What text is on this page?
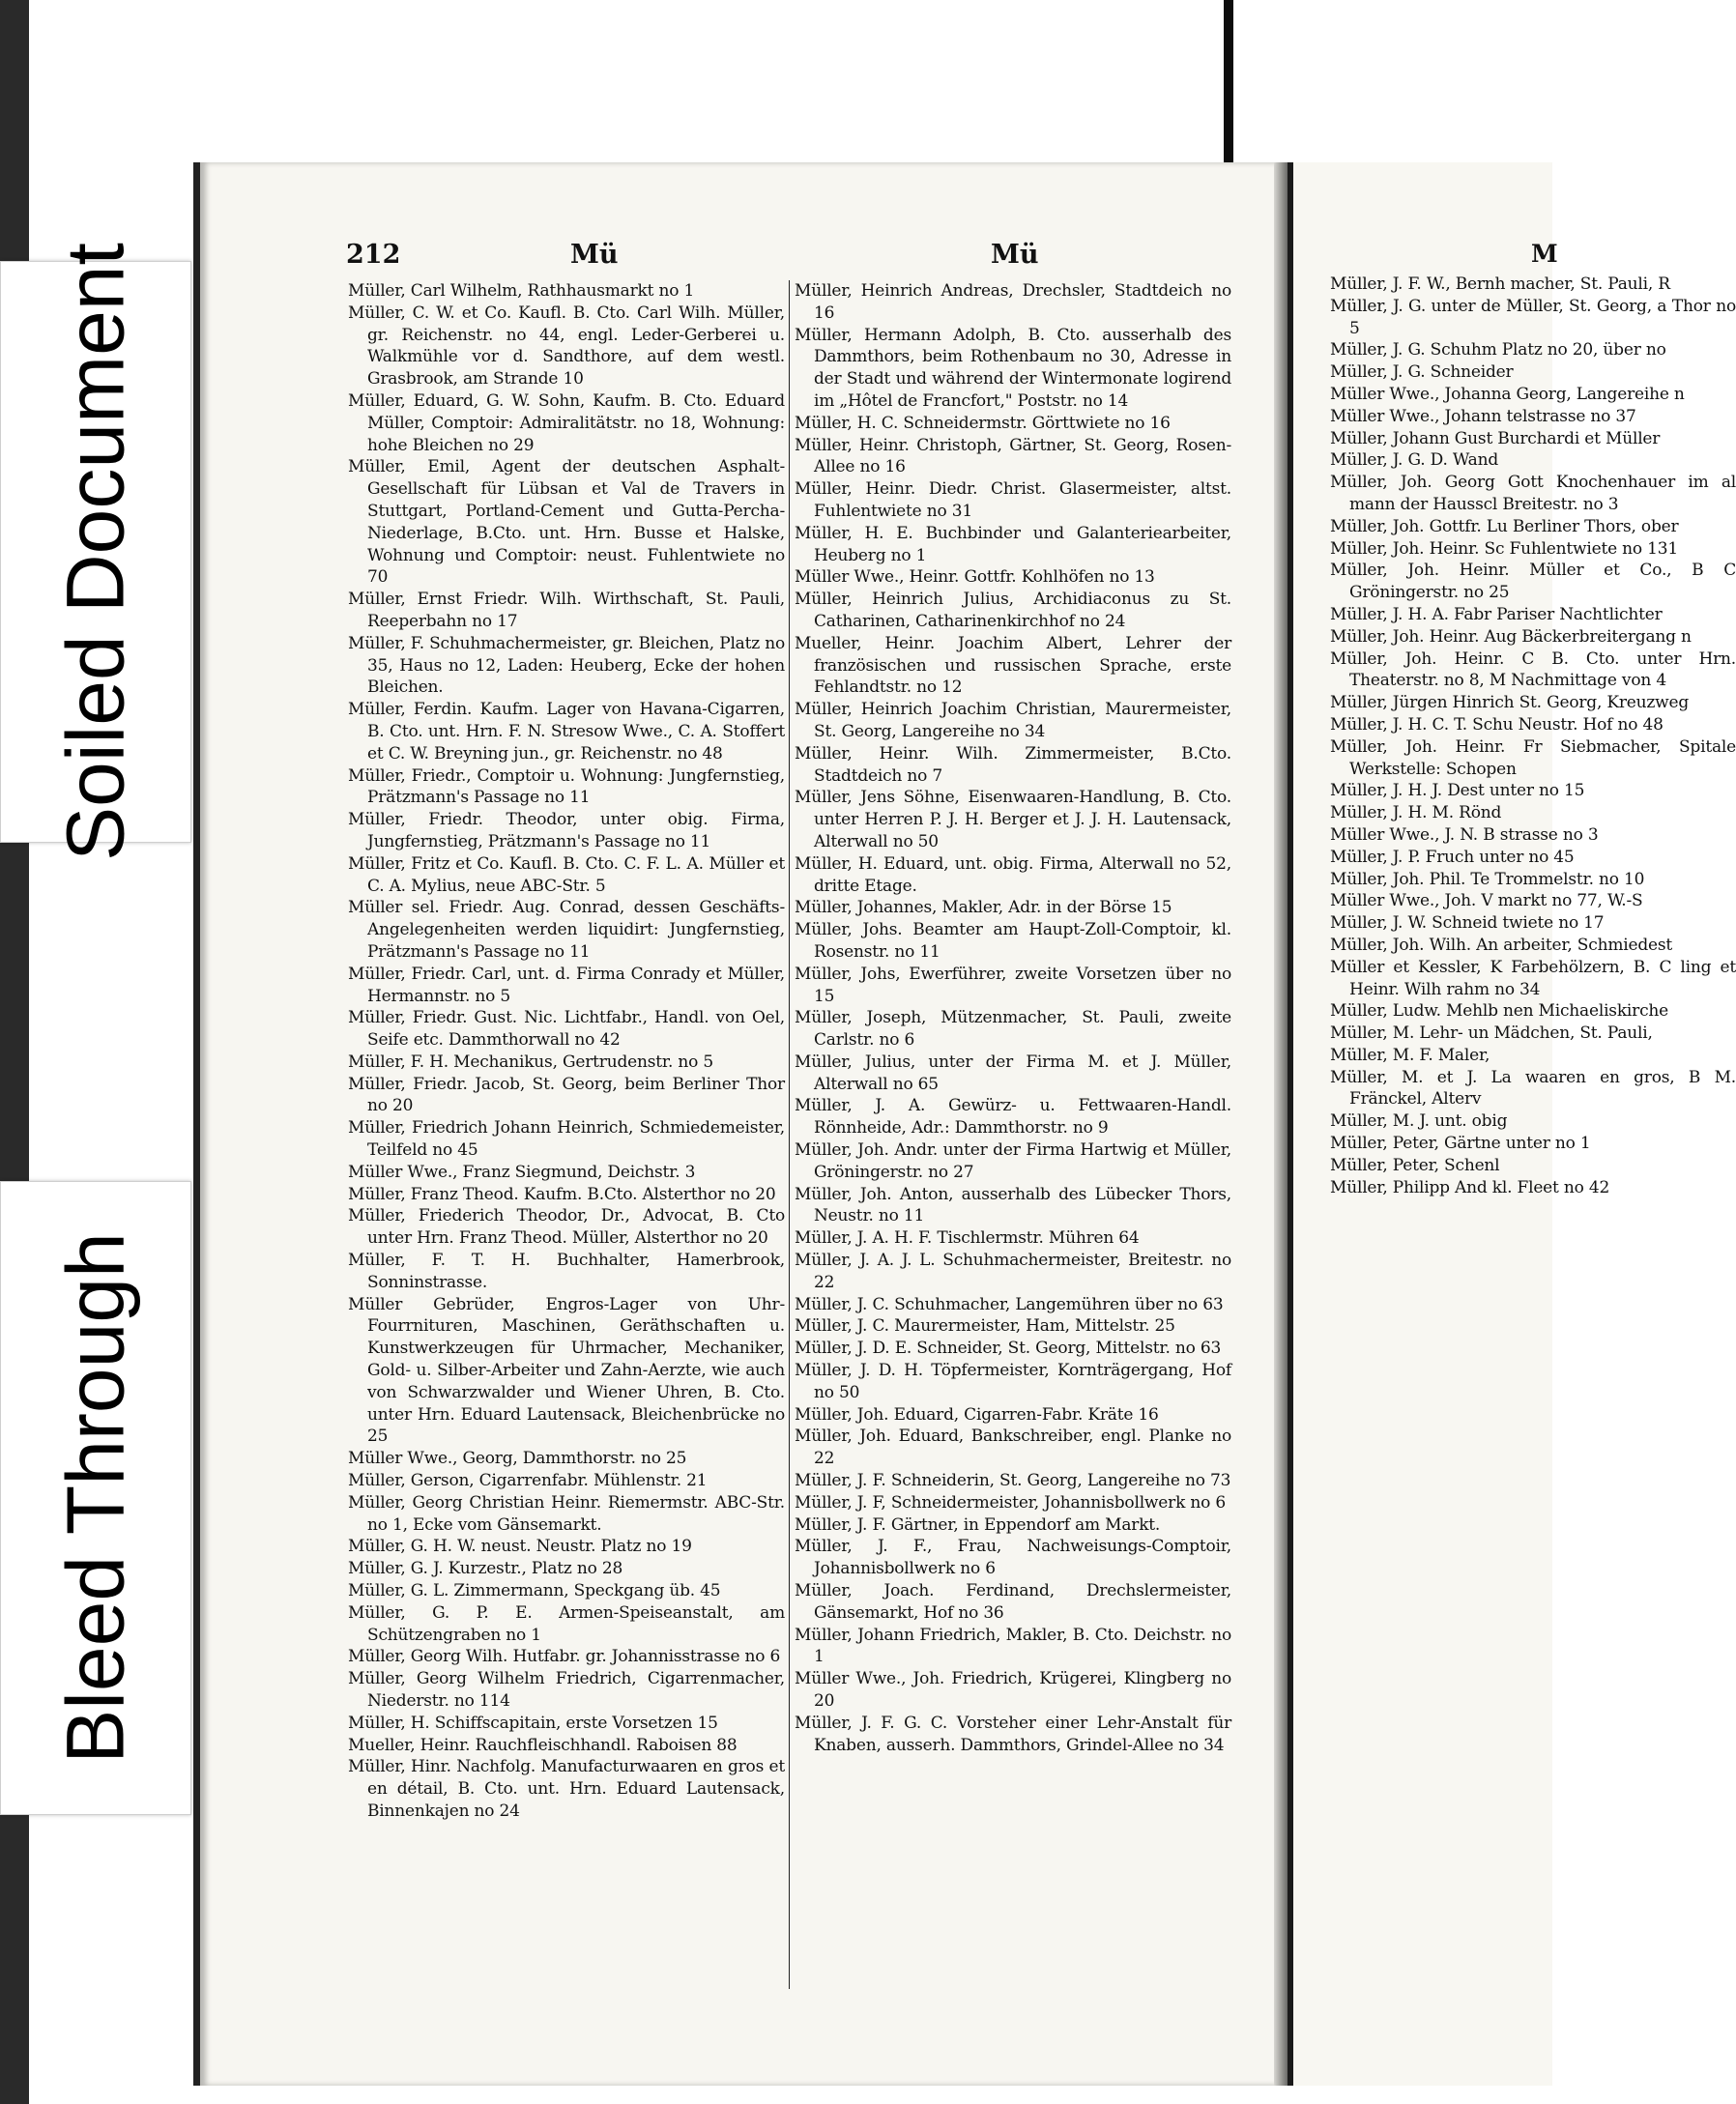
Soiled Document
Bleed Through
212	Mü	Mü	M
Müller, Carl Wilhelm, Rathhausmarkt no 1
Müller, C. W. et Co. Kaufl. B. Cto. Carl Wilh. Müller, gr. Reichenstr. no 44, engl. Leder-Gerberei u. Walkmühle vor d. Sandthore, auf dem westl. Grasbrook, am Strande 10
Müller, Eduard, G. W. Sohn, Kaufm. B. Cto. Eduard Müller, Comptoir: Admiralitätstr. no 18, Wohnung: hohe Bleichen no 29
Müller, Emil, Agent der deutschen Asphalt-Gesellschaft für Lübsan et Val de Travers in Stuttgart, Portland-Cement und Gutta-Percha-Niederlage, B.Cto. unt. Hrn. Busse et Halske, Wohnung und Comptoir: neust. Fuhlentwiete no 70
Müller, Ernst Friedr. Wilh. Wirthschaft, St. Pauli, Reeperbahn no 17
Müller, F. Schuhmachermeister, gr. Bleichen, Platz no 35, Haus no 12, Laden: Heuberg, Ecke der hohen Bleichen.
Müller, Ferdin. Kaufm. Lager von Havana-Cigarren, B. Cto. unt. Hrn. F. N. Stresow Wwe., C. A. Stoffert et C. W. Breyning jun., gr. Reichenstr. no 48
Müller, Friedr., Comptoir u. Wohnung: Jungfernstieg, Prätzmann's Passage no 11
Müller, Friedr. Theodor, unter obig. Firma, Jungfernstieg, Prätzmann's Passage no 11
Müller, Fritz et Co. Kaufl. B. Cto. C. F. L. A. Müller et C. A. Mylius, neue ABC-Str. 5
Müller sel. Friedr. Aug. Conrad, dessen Geschäfts-Angelegenheiten werden liquidirt: Jungfernstieg, Prätzmann's Passage no 11
Müller, Friedr. Carl, unt. d. Firma Conrady et Müller, Hermannstr. no 5
Müller, Friedr. Gust. Nic. Lichtfabr., Handl. von Oel, Seife etc. Dammthorwall no 42
Müller, F. H. Mechanikus, Gertrudenstr. no 5
Müller, Friedr. Jacob, St. Georg, beim Berliner Thor no 20
Müller, Friedrich Johann Heinrich, Schmiedemeister, Teilfeld no 45
Müller Wwe., Franz Siegmund, Deichstr. 3
Müller, Franz Theod. Kaufm. B.Cto. Alsterthor no 20
Müller, Friederich Theodor, Dr., Advocat, B. Cto unter Hrn. Franz Theod. Müller, Alsterthor no 20
Müller, F. T. H. Buchhalter, Hamerbrook, Sonninstrasse.
Müller Gebrüder, Engros-Lager von Uhr-Fourrnituren, Maschinen, Geräthschaften u. Kunstwerkzeugen für Uhrmacher, Mechaniker, Gold- u. Silber-Arbeiter und Zahn-Aerzte, wie auch von Schwarzwalder und Wiener Uhren, B. Cto. unter Hrn. Eduard Lautensack, Bleichenbrücke no 25
Müller Wwe., Georg, Dammthorstr. no 25
Müller, Gerson, Cigarrenfabr. Mühlenstr. 21
Müller, Georg Christian Heinr. Riemermstr. ABC-Str. no 1, Ecke vom Gänsemarkt.
Müller, G. H. W. neust. Neustr. Platz no 19
Müller, G. J. Kurzestr., Platz no 28
Müller, G. L. Zimmermann, Speckgang üb. 45
Müller, G. P. E. Armen-Speiseanstalt, am Schützengraben no 1
Müller, Georg Wilh. Hutfabr. gr. Johannisstrasse no 6
Müller, Georg Wilhelm Friedrich, Cigarrenmacher, Niederstr. no 114
Müller, H. Schiffscapitain, erste Vorsetzen 15
Mueller, Heinr. Rauchfleischhandl. Raboisen 88
Müller, Hinr. Nachfolg. Manufacturwaaren en gros et en détail, B. Cto. unt. Hrn. Eduard Lautensack, Binnenkajen no 24
Müller, Heinrich Andreas, Drechsler, Stadtdeich no 16
Müller, Hermann Adolph, B. Cto. ausserhalb des Dammthors, beim Rothenbaum no 30, Adresse in der Stadt und während der Wintermonate logirend im „Hôtel de Francfort," Poststr. no 14
Müller, H. C. Schneidermstr. Görttwiete no 16
Müller, Heinr. Christoph, Gärtner, St. Georg, Rosen-Allee no 16
Müller, Heinr. Diedr. Christ. Glasermeister, altst. Fuhlentwiete no 31
Müller, H. E. Buchbinder und Galanteriearbeiter, Heuberg no 1
Müller Wwe., Heinr. Gottfr. Kohlhöfen no 13
Müller, Heinrich Julius, Archidiaconus zu St. Catharinen, Catharinenkirchhof no 24
Mueller, Heinr. Joachim Albert, Lehrer der französischen und russischen Sprache, erste Fehlandtstr. no 12
Müller, Heinrich Joachim Christian, Maurermeister, St. Georg, Langereihe no 34
Müller, Heinr. Wilh. Zimmermeister, B.Cto. Stadtdeich no 7
Müller, Jens Söhne, Eisenwaaren-Handlung, B. Cto. unter Herren P. J. H. Berger et J. J. H. Lautensack, Alterwall no 50
Müller, H. Eduard, unt. obig. Firma, Alterwall no 52, dritte Etage.
Müller, Johannes, Makler, Adr. in der Börse 15
Müller, Johs. Beamter am Haupt-Zoll-Comptoir, kl. Rosenstr. no 11
Müller, Johs, Ewerführer, zweite Vorsetzen über no 15
Müller, Joseph, Mützenmacher, St. Pauli, zweite Carlstr. no 6
Müller, Julius, unter der Firma M. et J. Müller, Alterwall no 65
Müller, J. A. Gewürz- u. Fettwaaren-Handl. Rönnheide, Adr.: Dammthorstr. no 9
Müller, Joh. Andr. unter der Firma Hartwig et Müller, Gröningerstr. no 27
Müller, Joh. Anton, ausserhalb des Lübecker Thors, Neustr. no 11
Müller, J. A. H. F. Tischlermstr. Mühren 64
Müller, J. A. J. L. Schuhmachermeister, Breitestr. no 22
Müller, J. C. Schuhmacher, Langemühren über no 63
Müller, J. C. Maurermeister, Ham, Mittelstr. 25
Müller, J. D. E. Schneider, St. Georg, Mittelstr. no 63
Müller, J. D. H. Töpfermeister, Kornträgergang, Hof no 50
Müller, Joh. Eduard, Cigarren-Fabr. Kräte 16
Müller, Joh. Eduard, Bankschreiber, engl. Planke no 22
Müller, J. F. Schneiderin, St. Georg, Langereihe no 73
Müller, J. F, Schneidermeister, Johannisbollwerk no 6
Müller, J. F. Gärtner, in Eppendorf am Markt.
Müller, J. F., Frau, Nachweisungs-Comptoir, Johannisbollwerk no 6
Müller, Joach. Ferdinand, Drechslermeister, Gänsemarkt, Hof no 36
Müller, Johann Friedrich, Makler, B. Cto. Deichstr. no 1
Müller Wwe., Joh. Friedrich, Krügerei, Klingberg no 20
Müller, J. F. G. C. Vorsteher einer Lehr-Anstalt für Knaben, ausserh. Dammthors, Grindel-Allee no 34
Müller, J. F. W., Bernh macher, St. Pauli, R
Müller, J. G. unter de Müller, St. Georg, a Thor no 5
Müller, J. G. Schuhm Platz no 20, über no
Müller, J. G. Schneider
Müller Wwe., Johanna Georg, Langereihe n
Müller Wwe., Johann telstrasse no 37
Müller, Johann Gust Burchardi et Müller
Müller, J. G. D. Wand
Müller, Joh. Georg Gott Knochenhauer im al mann der Hausscl Breitestr. no 3
Müller, Joh. Gottfr. Lu Berliner Thors, ober
Müller, Joh. Heinr. Sc Fuhlentwiete no 131
Müller, Joh. Heinr. Müller et Co., B C Gröningerstr. no 25
Müller, J. H. A. Fabr Pariser Nachtlichter
Müller, Joh. Heinr. Aug Bäckerbreitergang n
Müller, Joh. Heinr. C B. Cto. unter Hrn. Theaterstr. no 8, M Nachmittage von 4
Müller, Jürgen Hinrich St. Georg, Kreuzweg
Müller, J. H. C. T. Schu Neustr. Hof no 48
Müller, Joh. Heinr. Fr Siebmacher, Spitale Werkstelle: Schopen
Müller, J. H. J. Dest unter no 15
Müller, J. H. M. Rönd
Müller Wwe., J. N. B strasse no 3
Müller, J. P. Fruch unter no 45
Müller, Joh. Phil. Te Trommelstr. no 10
Müller Wwe., Joh. V markt no 77, W.-S
Müller, J. W. Schneid twiete no 17
Müller, Joh. Wilh. An arbeiter, Schmiedest
Müller et Kessler, K Farbehölzern, B. C ling et Heinr. Wilh rahm no 34
Müller, Ludw. Mehlb nen Michaeliskirche
Müller, M. Lehr- un Mädchen, St. Pauli,
Müller, M. F. Maler,
Müller, M. et J. La waaren en gros, B M. Fränckel, Alterv
Müller, M. J. unt. obig
Müller, Peter, Gärtne unter no 1
Müller, Peter, Schenl
Müller, Philipp And kl. Fleet no 42
